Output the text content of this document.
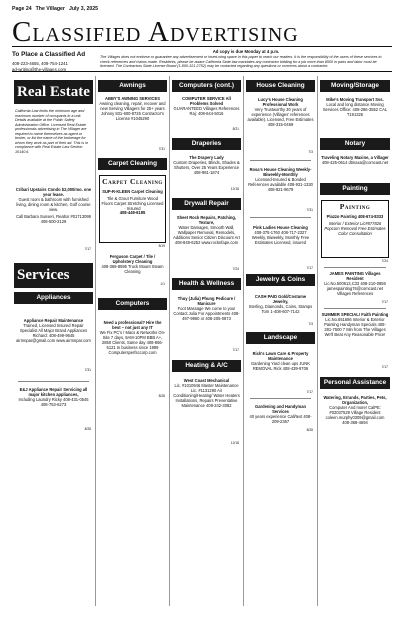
Page 24 The Villager July 3, 2025
Classified Advertising
To Place a Classified Ad
408-223-4655, 408-754-1241
ad-writing@the-villages.com
Ad copy is due Monday at 4 p.m.
The Villages does not endorse or guarantee any advertisement or insert-wing space in this paper to reach our readers. It is the responsibility of the users of these services to check references and claims made. Residents, please be aware California State law mandates any contractor bidding for a job more than $500 in parts and labor must be licensed. The Contractors State License Board (1-800-321-2752) may be contacted regarding any questions or concerns about a contractor.
Real Estate
California Law limits the minimum age and maximum number of occupants in a unit. Details available at the Public Safety Administration Office. Licensed Real Estate professionals advertising in The Villager are required to name themselves as agent or broker, or list the name of the brokerage for whom they work as part of their ad. This is in compliance with Real Estate Law Section 10140.6.
Cribari Upstairs Condo $2,000/mo. one year lease.
Guest room & bathroom with furnished living, dining room & kitchen, Golf course view.
Call Barbara Sunseri, Realtor #01713099 408-500-2129
7/17
Services
Appliances
Appliance Repair Maintenance
Trained, Licensed Insured Repair Specialist All Major Brand Appliances Richard: 408-499-9645 airmnpar@gmail.com www.airmnpar.com
7/31
E&J Appliance Repair Servicing all major kitchen appliances,
Including Laundry Ricky 408-431-0545 408-753-6273
8/28
Awnings
ABBY'S AWNING SERVICES
Awning cleaning, repair, recover and new Serving Villagers for 25+ years Johnny 831-600-8726 Contractor's License #1045290
7/31
Carpet Cleaning
Carpet Cleaning
SUP-R-KLEEN Carpet Cleaning
Tile & Grout Furniture Wood Floors Carpet Stretching Licensed · Insured
408-449-6185
8/19
Ferguson Carpet / Tile / Upholstery Cleaning
408-369-8595 Truck Mount Steam Cleaning
1/1
Computers
Need a professional? Hire the best – not just any IT
We Fix PC's / Macs & Networks On-Site 7 days, 9AM-10PM BBB A+, 2850 Clients, Same day 408-866-5121 In business since 1989 Computersperfsccorp.com
8/28
Computers (cont.)
COMPUTER SERVICE All Problems Solved
GUARANTEED Villages References Raj: 408-644-5016
8/21
Draperies
The Drapery Lady
Custom Draperies, Blinds, Shades & Shutters, Over 25 Years Experience 408-981-1874
12/18
Drywall Repair
Sheet Rock Repairs, Patching, Texture,
Water Damages, Smooth Wall, Wallpaper Removal, Remodels, Additions Senior Citizen Discount Art 408-849-6252 www.rocknfape.com
7/24
Health & Wellness
Thuy (Julia) Phung Pedicure / Manicure
Foot Massage We come to you! Contact Julia For Appointments 408-497-9960 or 408-205-0873
7/17
Heating & A/C
West Coast Mechanical
Lic. #1010946 Master Maintenance Lic. #1131290 Air Conditioning/Heating/ Water Heaters Installations, Repairs Preventative Maintenance 408-242-3082
12/18
House Cleaning
Lucy's House Cleaning Professional Work
Very Trustworthy 30 years of experience (Villages' references available). Licensed, Free Estimates 408-315-0469
7/3
Rosa's House Cleaning Weekly-Biweekly-Monthly
Licensed-Insured & Bonded References available 408-931-1330 408-821-9679
7/31
Pink Ladies House Cleaning
408-375-1760 408-717-2327 Weekly, Biweekly, Monthly Free Estimates Licensed, insured
7/17
Jewelry & Coins
CASH PAID Gold/Costume Jewelry,
Sterling, Diamonds, Coins, Stamps Tom 1-408-607-7142
7/3
Landscape
Rick's Lawn Care & Property Maintenance
Gardening Yard clean ups JUNK REMOVAL Rick 408-439-9706
7/17
Gardening and Handyman Services
40 years experience Call/text 408-209-2367
8/28
Moving/Storage
Mike's Moving Transport Svs.
Local and long distance Moving Services Office: 408-286-3552 CAL T191326
Notary
Traveling Notary Maxine, a Villager
408-425-0614 dtmaxa@comcast.net
Painting
Painting
Plazzo Painting 408-674-8333
Interior / Exterior Lic#877826 Popcorn Removal Free Estimates Color Consultation
7/24
JAMES PAINTING Villages Resident
Lic.No.500613,C33 408-210-0859 jamespainting76@comcast.net Villages References
7/17
SUMMER SPECIAL! Faith Painting
Lic.No.651686 Interior & Exterior Painting Handyman Specials 408-281-7500 7 Min from The Villages We'll Beat Any Reasonable Price!
7/17
Personal Assistance
Watering, Errands, Parties, Pets, Organization,
Computer And more! CalPE: #02037529 Village Resident coleen.murphy0309@gmail.com 408-368-4694
